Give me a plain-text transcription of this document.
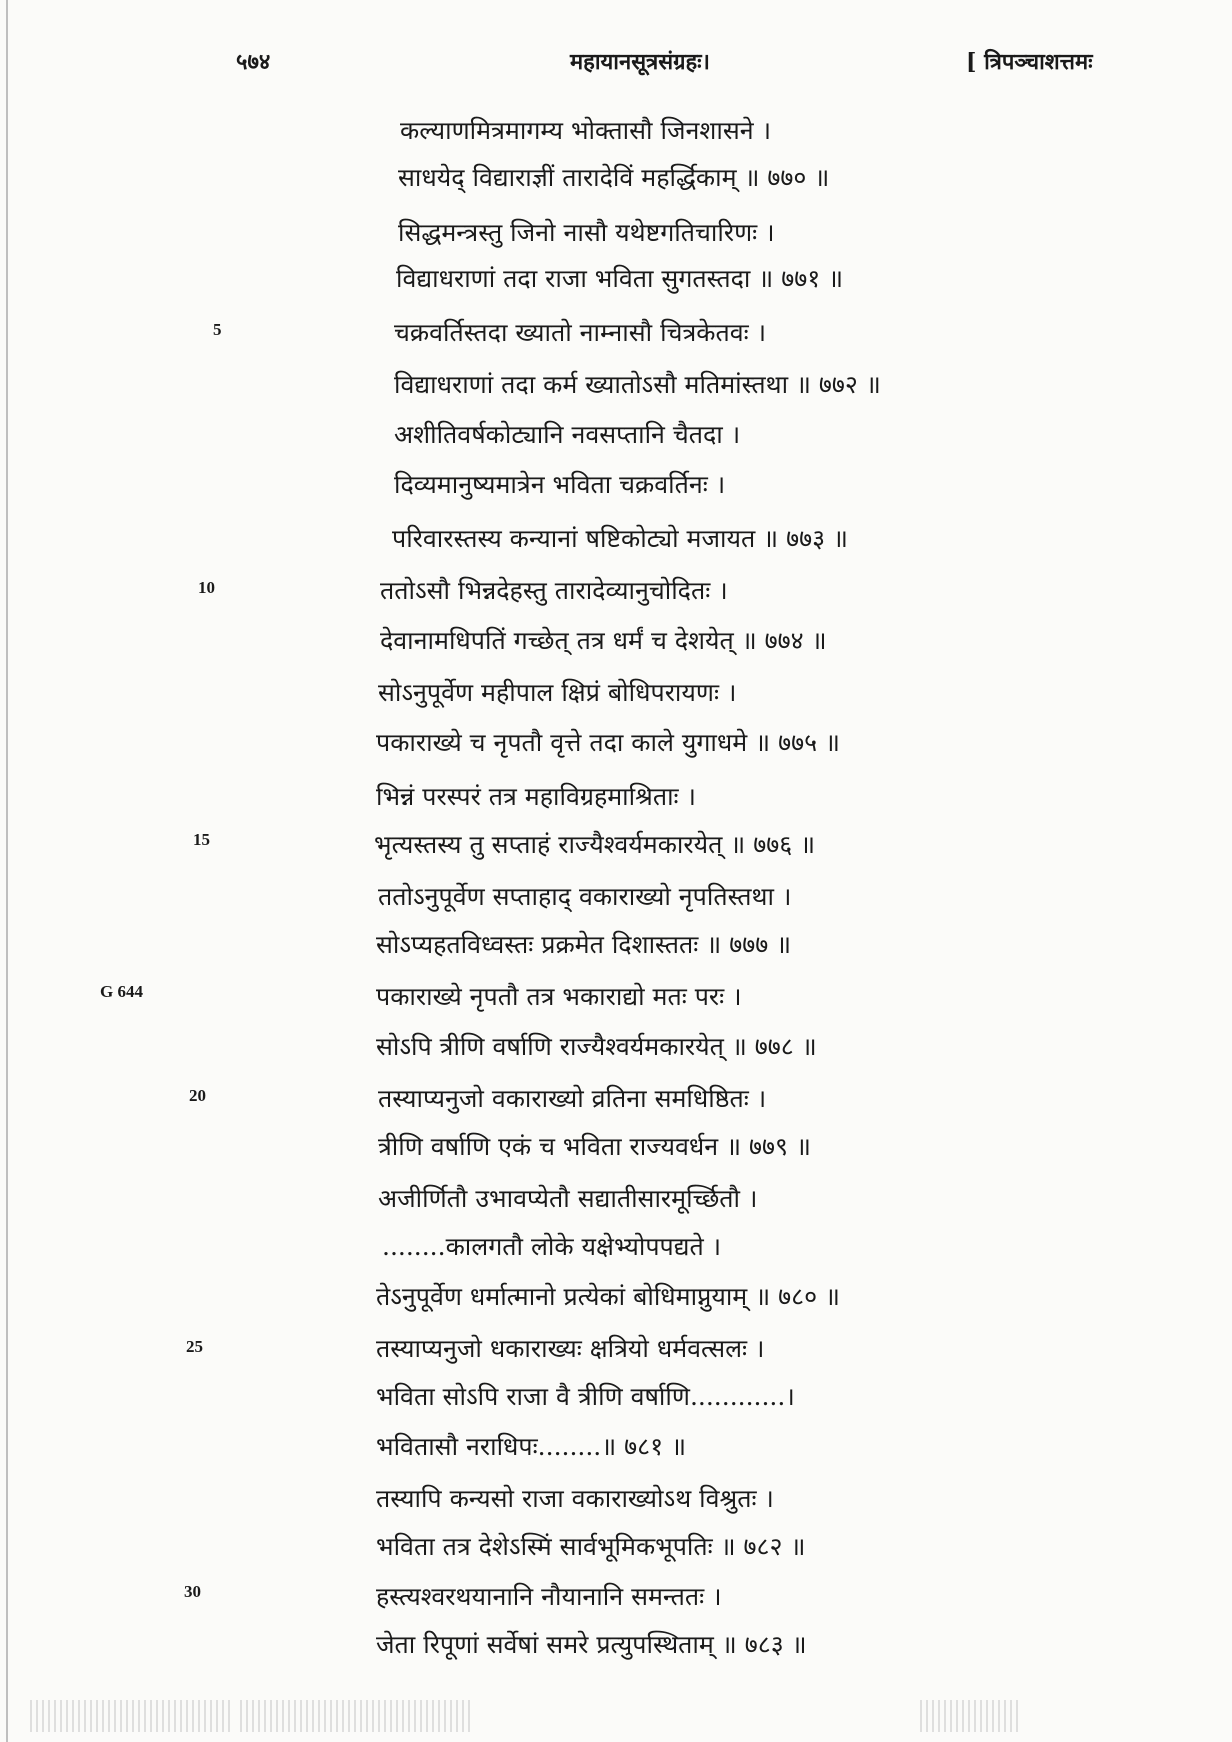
५७४	महायानसूत्रसंग्रहः।	[ त्रिपञ्चाशत्तमः
5
10
15
G 644
20
25
30
कल्याणमित्रमागम्य भोक्तासौ जिनशासने ।
साधयेद् विद्याराज्ञीं तारादेविं महर्द्धिकाम् ॥ ७७० ॥
सिद्धमन्त्रस्तु जिनो नासौ यथेष्टगतिचारिणः ।
विद्याधराणां तदा राजा भविता सुगतस्तदा ॥ ७७१ ॥
चक्रवर्तिस्तदा ख्यातो नाम्नासौ चित्रकेतवः ।
विद्याधराणां तदा कर्म ख्यातोऽसौ मतिमांस्तथा ॥ ७७२ ॥
अशीतिवर्षकोट्यानि नवसप्तानि चैतदा ।
दिव्यमानुष्यमात्रेन भविता चक्रवर्तिनः ।
परिवारस्तस्य कन्यानां षष्टिकोट्यो मजायत ॥ ७७३ ॥
ततोऽसौ भिन्नदेहस्तु तारादेव्यानुचोदितः ।
देवानामधिपतिं गच्छेत् तत्र धर्मं च देशयेत् ॥ ७७४ ॥
सोऽनुपूर्वेण महीपाल क्षिप्रं बोधिपरायणः ।
पकाराख्ये च नृपतौ वृत्ते तदा काले युगाधमे ॥ ७७५ ॥
भिन्नं परस्परं तत्र महाविग्रहमाश्रिताः ।
भृत्यस्तस्य तु सप्ताहं राज्यैश्वर्यमकारयेत् ॥ ७७६ ॥
ततोऽनुपूर्वेण सप्ताहाद् वकाराख्यो नृपतिस्तथा ।
सोऽप्यहतविध्वस्तः प्रक्रमेत दिशास्ततः ॥ ७७७ ॥
पकाराख्ये नृपतौ तत्र भकाराद्यो मतः परः ।
सोऽपि त्रीणि वर्षाणि राज्यैश्वर्यमकारयेत् ॥ ७७८ ॥
तस्याप्यनुजो वकाराख्यो व्रतिना समधिष्ठितः ।
त्रीणि वर्षाणि एकं च भविता राज्यवर्धन ॥ ७७९ ॥
अजीर्णितौ उभावप्येतौ सद्यातीसारमूर्च्छितौ ।
........कालगतौ लोके यक्षेभ्योपपद्यते ।
तेऽनुपूर्वेण धर्मात्मानो प्रत्येकां बोधिमाप्नुयाम् ॥ ७८० ॥
तस्याप्यनुजो धकाराख्यः क्षत्रियो धर्मवत्सलः ।
भविता सोऽपि राजा वै त्रीणि वर्षाणि............।
भवितासौ नराधिपः........॥ ७८१ ॥
तस्यापि कन्यसो राजा वकाराख्योऽथ विश्रुतः ।
भविता तत्र देशेऽस्मिं सार्वभूमिकभूपतिः ॥ ७८२ ॥
हस्त्यश्वरथयानानि नौयानानि समन्ततः ।
जेता रिपूणां सर्वेषां समरे प्रत्युपस्थिताम् ॥ ७८३ ॥
